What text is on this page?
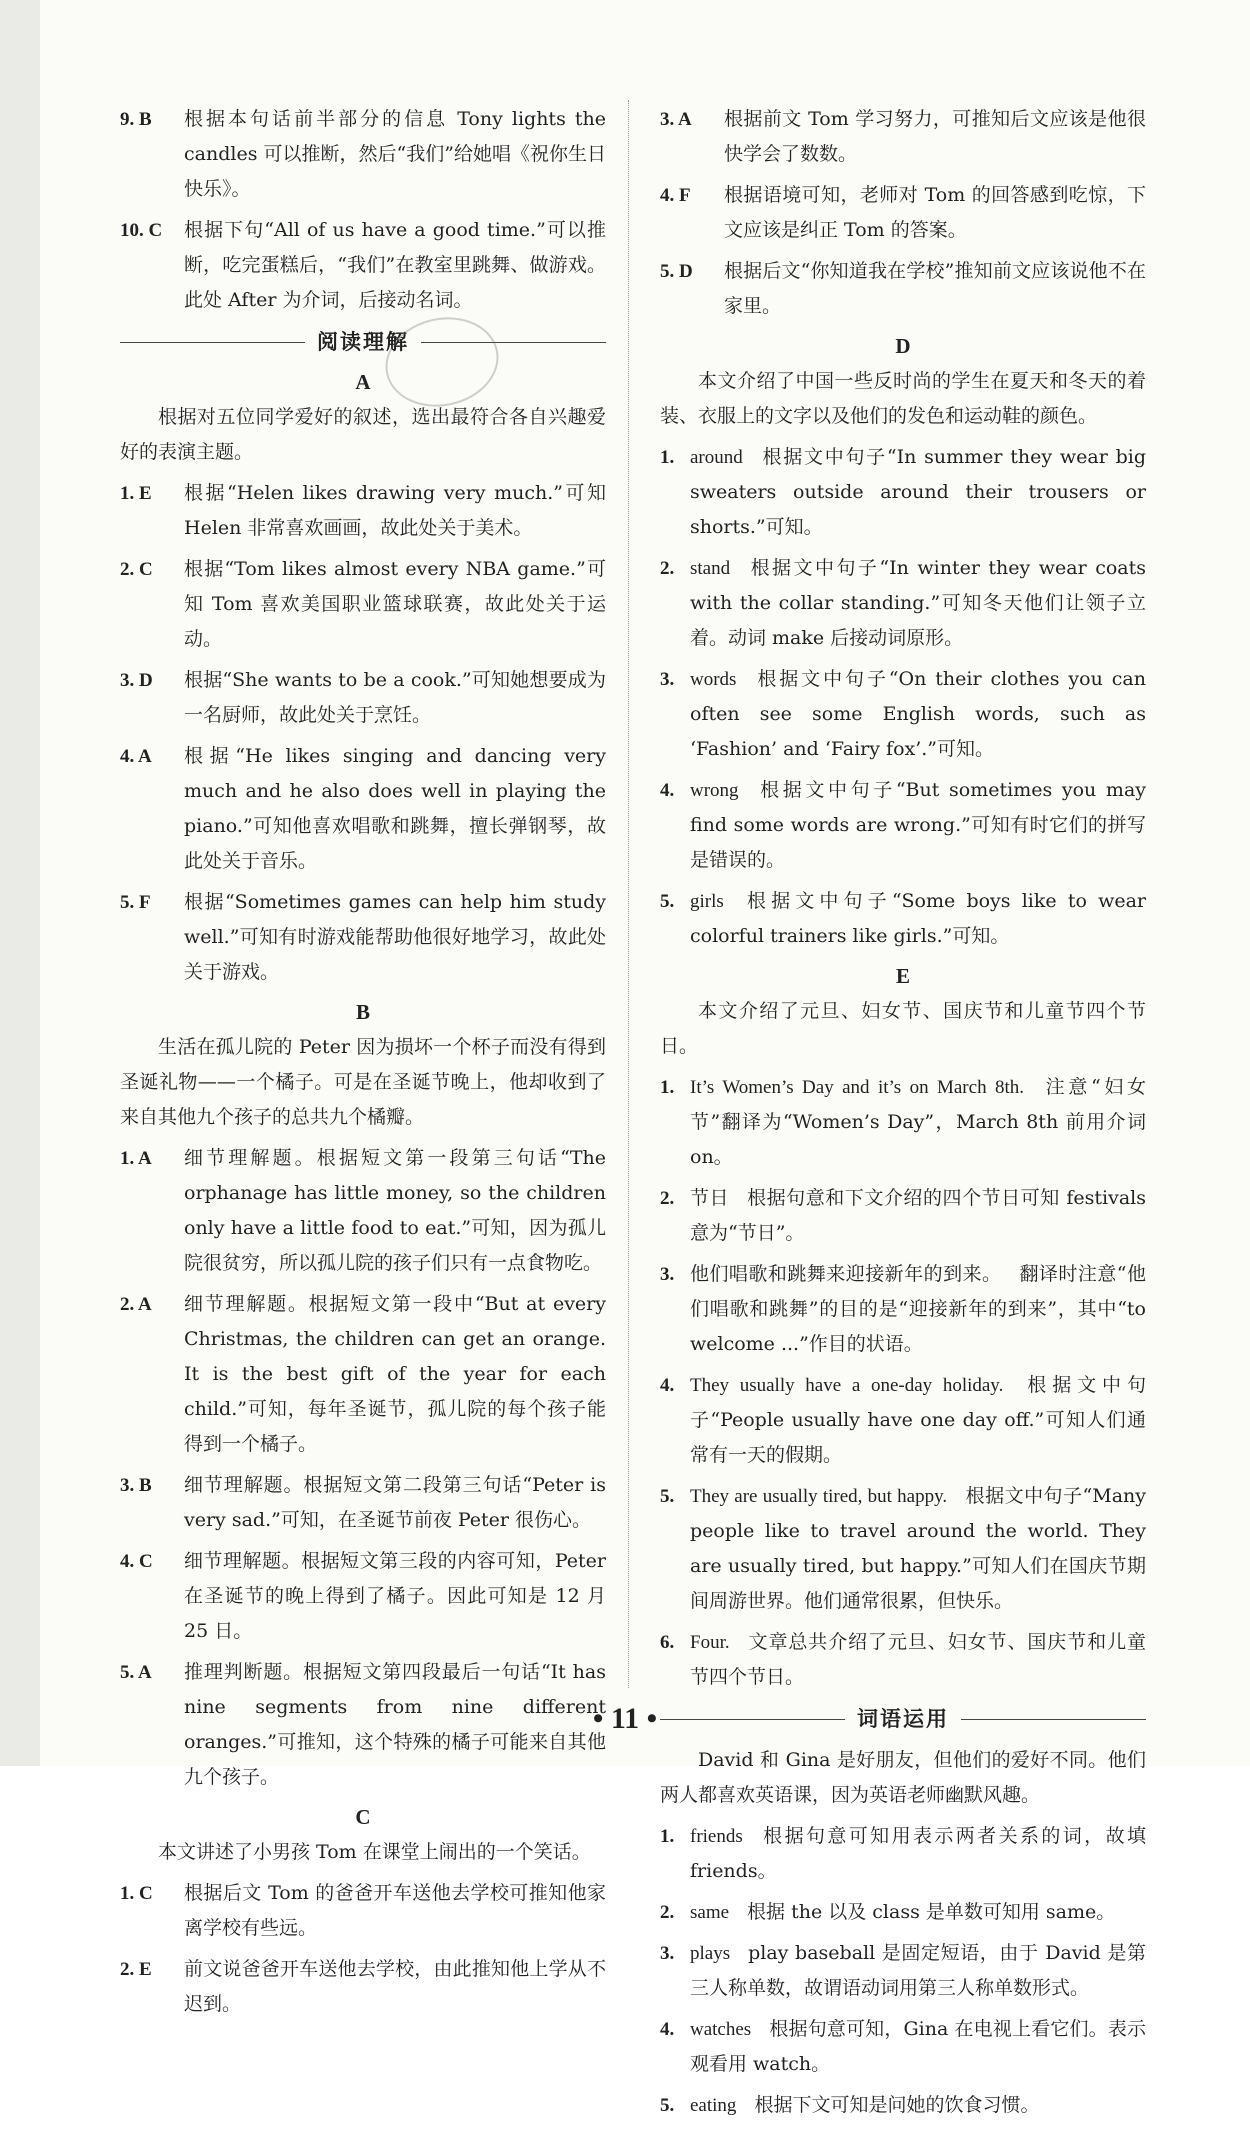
9. B 根据本句话前半部分的信息 Tony lights the candles 可以推断，然后“我们”给她唱《祝你生日快乐》。
10. C 根据下句“All of us have a good time.”可以推断，吃完蛋糕后，“我们”在教室里跳舞、做游戏。此处 After 为介词，后接动名词。
阅读理解
A
根据对五位同学爱好的叙述，选出最符合各自兴趣爱好的表演主题。
1. E 根据“Helen likes drawing very much.”可知 Helen 非常喜欢画画，故此处关于美术。
2. C 根据“Tom likes almost every NBA game.”可知 Tom 喜欢美国职业篮球联赛，故此处关于运动。
3. D 根据“She wants to be a cook.”可知她想要成为一名厨师，故此处关于烹饪。
4. A 根据“He likes singing and dancing very much and he also does well in playing the piano.”可知他喜欢唱歌和跳舞，擅长弹钢琴，故此处关于音乐。
5. F 根据“Sometimes games can help him study well.”可知有时游戏能帮助他很好地学习，故此处关于游戏。
B
生活在孤儿院的 Peter 因为损坏一个杯子而没有得到圣诞礼物——一个橘子。可是在圣诞节晚上，他却收到了来自其他九个孩子的总共九个橘瓣。
1. A 细节理解题。根据短文第一段第三句话“The orphanage has little money, so the children only have a little food to eat.”可知，因为孤儿院很贫穷，所以孤儿院的孩子们只有一点食物吃。
2. A 细节理解题。根据短文第一段中“But at every Christmas, the children can get an orange. It is the best gift of the year for each child.”可知，每年圣诞节，孤儿院的每个孩子能得到一个橘子。
3. B 细节理解题。根据短文第二段第三句话“Peter is very sad.”可知，在圣诞节前夜 Peter 很伤心。
4. C 细节理解题。根据短文第三段的内容可知，Peter 在圣诞节的晚上得到了橘子。因此可知是 12 月 25 日。
5. A 推理判断题。根据短文第四段最后一句话“It has nine segments from nine different oranges.”可推知，这个特殊的橘子可能来自其他九个孩子。
C
本文讲述了小男孩 Tom 在课堂上闹出的一个笑话。
1. C 根据后文 Tom 的爸爸开车送他去学校可推知他家离学校有些远。
2. E 前文说爸爸开车送他去学校，由此推知他上学从不迟到。
3. A 根据前文 Tom 学习努力，可推知后文应该是他很快学会了数数。
4. F 根据语境可知，老师对 Tom 的回答感到吃惊，下文应该是纠正 Tom 的答案。
5. D 根据后文“你知道我在学校”推知前文应该说他不在家里。
D
本文介绍了中国一些反时尚的学生在夏天和冬天的着装、衣服上的文字以及他们的发色和运动鞋的颜色。
1. around 根据文中句子“In summer they wear big sweaters outside around their trousers or shorts.”可知。
2. stand 根据文中句子“In winter they wear coats with the collar standing.”可知冬天他们让领子立着。动词 make 后接动词原形。
3. words 根据文中句子“On their clothes you can often see some English words, such as ‘Fashion’ and ‘Fairy fox’.”可知。
4. wrong 根据文中句子“But sometimes you may find some words are wrong.”可知有时它们的拼写是错误的。
5. girls 根据文中句子“Some boys like to wear colorful trainers like girls.”可知。
E
本文介绍了元旦、妇女节、国庆节和儿童节四个节日。
1. It’s Women’s Day and it’s on March 8th. 注意“妇女节”翻译为“Women’s Day”，March 8th 前用介词 on。
2. 节日 根据句意和下文介绍的四个节日可知 festivals 意为“节日”。
3. 他们唱歌和跳舞来迎接新年的到来。 翻译时注意“他们唱歌和跳舞”的目的是“迎接新年的到来”，其中“to welcome ...”作目的状语。
4. They usually have a one-day holiday. 根据文中句子“People usually have one day off.”可知人们通常有一天的假期。
5. They are usually tired, but happy. 根据文中句子“Many people like to travel around the world. They are usually tired, but happy.”可知人们在国庆节期间周游世界。他们通常很累，但快乐。
6. Four. 文章总共介绍了元旦、妇女节、国庆节和儿童节四个节日。
词语运用
David 和 Gina 是好朋友，但他们的爱好不同。他们两人都喜欢英语课，因为英语老师幽默风趣。
1. friends 根据句意可知用表示两者关系的词，故填 friends。
2. same 根据 the 以及 class 是单数可知用 same。
3. plays play baseball 是固定短语，由于 David 是第三人称单数，故谓语动词用第三人称单数形式。
4. watches 根据句意可知，Gina 在电视上看它们。表示观看用 watch。
5. eating 根据下文可知是问她的饮食习惯。
• 11 •
